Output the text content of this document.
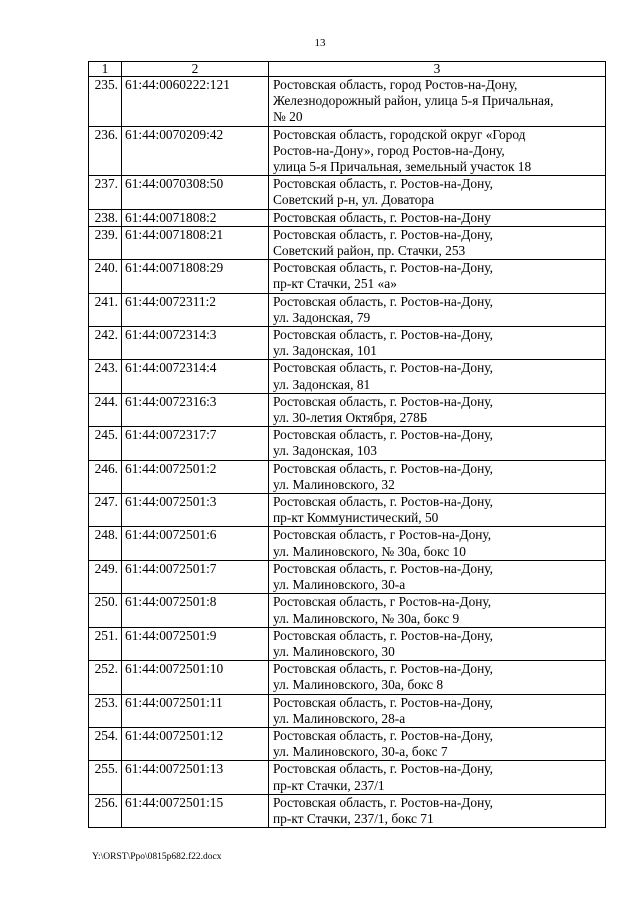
13
1	2	3
235.	61:44:0060222:121	Ростовская область, город Ростов-на-Дону,
Железнодорожный район, улица 5-я Причальная,
№ 20

236.	61:44:0070209:42	Ростовская область, городской округ «Город
Ростов-на-Дону», город Ростов-на-Дону,
улица 5-я Причальная, земельный участок 18

237.	61:44:0070308:50	Ростовская область, г. Ростов-на-Дону,
Советский р-н, ул. Доватора

238.	61:44:0071808:2	Ростовская область, г. Ростов-на-Дону

239.	61:44:0071808:21	Ростовская область, г. Ростов-на-Дону,
Советский район, пр. Стачки, 253

240.	61:44:0071808:29	Ростовская область, г. Ростов-на-Дону,
пр-кт Стачки, 251 «а»

241.	61:44:0072311:2	Ростовская область, г. Ростов-на-Дону,
ул. Задонская, 79

242.	61:44:0072314:3	Ростовская область, г. Ростов-на-Дону,
ул. Задонская, 101

243.	61:44:0072314:4	Ростовская область, г. Ростов-на-Дону,
ул. Задонская, 81

244.	61:44:0072316:3	Ростовская область, г. Ростов-на-Дону,
ул. 30-летия Октября, 278Б

245.	61:44:0072317:7	Ростовская область, г. Ростов-на-Дону,
ул. Задонская, 103

246.	61:44:0072501:2	Ростовская область, г. Ростов-на-Дону,
ул. Малиновского, 32

247.	61:44:0072501:3	Ростовская область, г. Ростов-на-Дону,
пр-кт Коммунистический, 50

248.	61:44:0072501:6	Ростовская область, г Ростов-на-Дону,
ул. Малиновского, № 30а, бокс 10

249.	61:44:0072501:7	Ростовская область, г. Ростов-на-Дону,
ул. Малиновского, 30-а

250.	61:44:0072501:8	Ростовская область, г Ростов-на-Дону,
ул. Малиновского, № 30а, бокс 9

251.	61:44:0072501:9	Ростовская область, г. Ростов-на-Дону,
ул. Малиновского, 30

252.	61:44:0072501:10	Ростовская область, г. Ростов-на-Дону,
ул. Малиновского, 30а, бокс 8

253.	61:44:0072501:11	Ростовская область, г. Ростов-на-Дону,
ул. Малиновского, 28-а

254.	61:44:0072501:12	Ростовская область, г. Ростов-на-Дону,
ул. Малиновского, 30-а, бокс 7

255.	61:44:0072501:13	Ростовская область, г. Ростов-на-Дону,
пр-кт Стачки, 237/1

256.	61:44:0072501:15	Ростовская область, г. Ростов-на-Дону,
пр-кт Стачки, 237/1, бокс 71
Y:\ORST\Ppo\0815p682.f22.docx
